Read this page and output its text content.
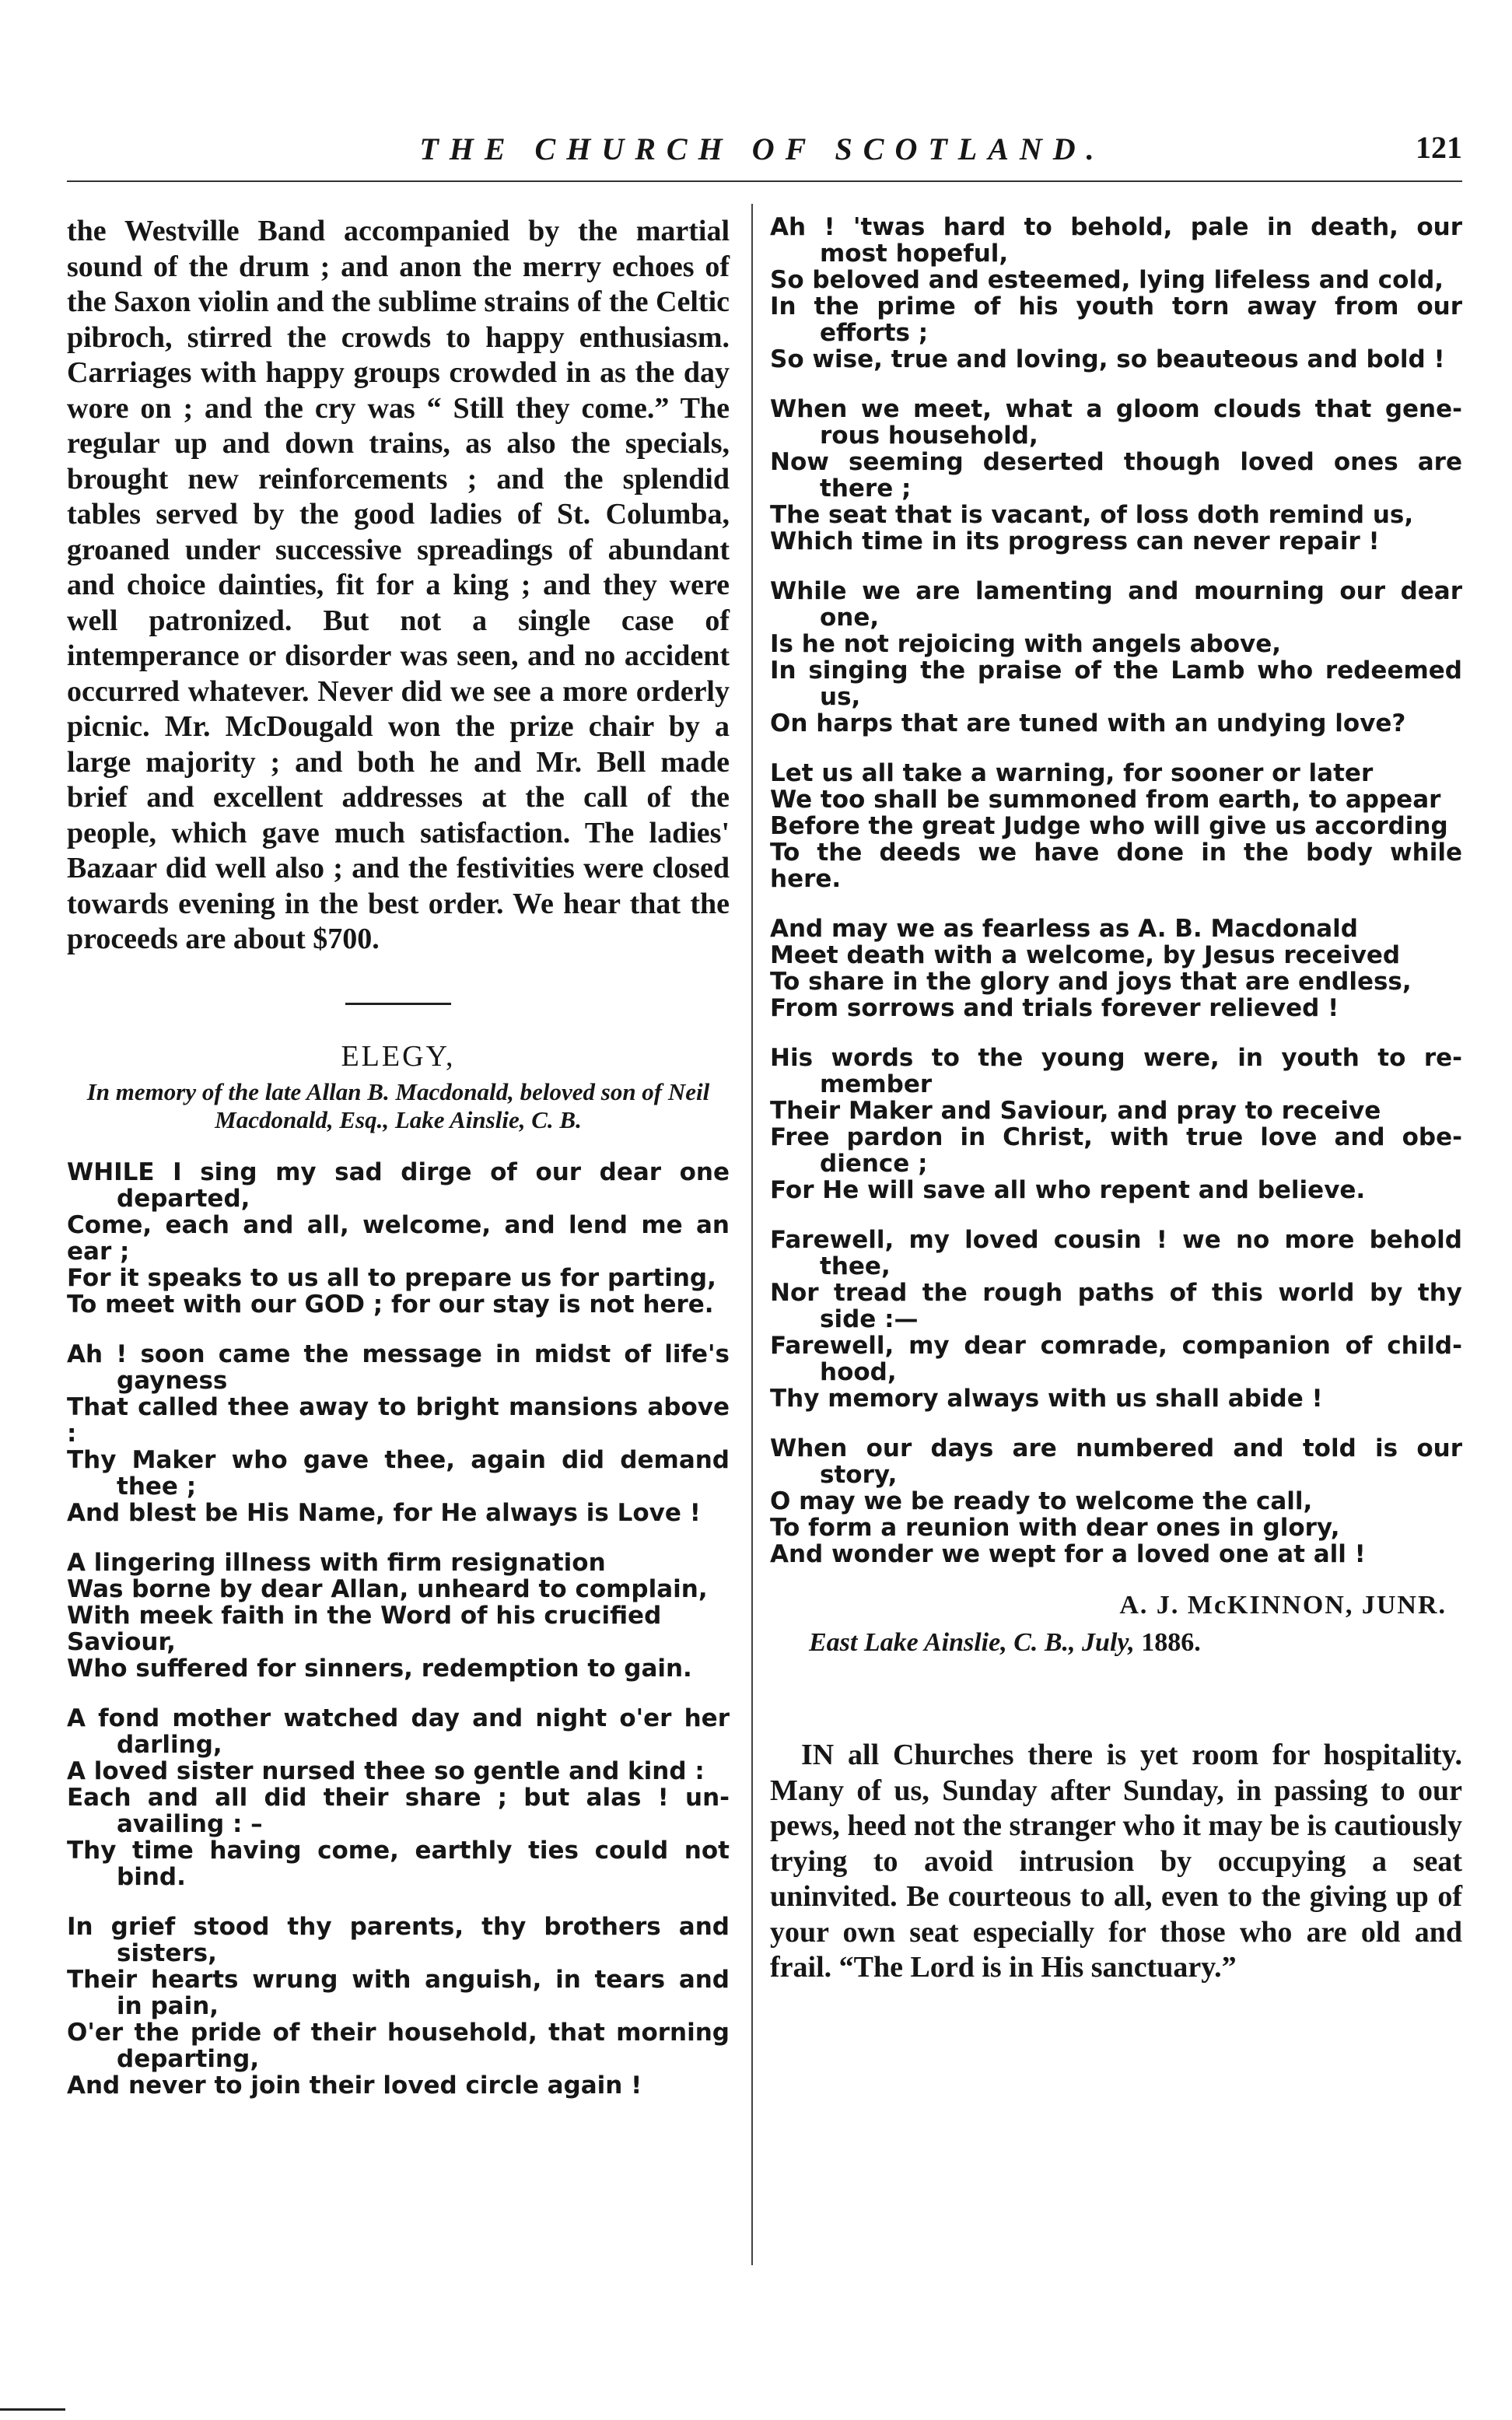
THE CHURCH OF SCOTLAND.	121

the Westville Band accompanied by the martial sound of the drum ; and anon the merry echoes of the Saxon violin and the sublime strains of the Celtic pibroch, stirred the crowds to happy enthusiasm. Carriages with happy groups crowded in as the day wore on ; and the cry was “ Still they come.” The regular up and down trains, as also the specials, brought new reinforcements ; and the splendid tables served by the good ladies of St. Columba, groaned under successive spreadings of abundant and choice dainties, fit for a king ; and they were well patronized. But not a single case of intemperance or disorder was seen, and no accident occurred whatever. Never did we see a more orderly picnic. Mr. McDougald won the prize chair by a large majority ; and both he and Mr. Bell made brief and excellent addresses at the call of the people, which gave much satisfaction. The ladies' Bazaar did well also ; and the festivities were closed towards evening in the best order. We hear that the proceeds are about $700.

ELEGY,
In memory of the late Allan B. Macdonald, beloved son of Neil Macdonald, Esq., Lake Ainslie, C. B.
WHILE I sing my sad dirge of our dear one
departed,
Come, each and all, welcome, and lend me an ear ;
For it speaks to us all to prepare us for parting,
To meet with our GOD ; for our stay is not here.
Ah ! soon came the message in midst of life's
gayness
That called thee away to bright mansions above :
Thy Maker who gave thee, again did demand
thee ;
And blest be His Name, for He always is Love !
A lingering illness with firm resignation
Was borne by dear Allan, unheard to complain,
With meek faith in the Word of his crucified
Saviour,
Who suffered for sinners, redemption to gain.
A fond mother watched day and night o'er her
darling,
A loved sister nursed thee so gentle and kind :
Each and all did their share ; but alas ! un-
availing : –
Thy time having come, earthly ties could not
bind.
In grief stood thy parents, thy brothers and
sisters,
Their hearts wrung with anguish, in tears and
in pain,
O'er the pride of their household, that morning
departing,
And never to join their loved circle again !
Ah ! 'twas hard to behold, pale in death, our
most hopeful,
So beloved and esteemed, lying lifeless and cold,
In the prime of his youth torn away from our
efforts ;
So wise, true and loving, so beauteous and bold !
When we meet, what a gloom clouds that gene-
rous household,
Now seeming deserted though loved ones are
there ;
The seat that is vacant, of loss doth remind us,
Which time in its progress can never repair !
While we are lamenting and mourning our dear
one,
Is he not rejoicing with angels above,
In singing the praise of the Lamb who redeemed
us,
On harps that are tuned with an undying love?
Let us all take a warning, for sooner or later
We too shall be summoned from earth, to appear
Before the great Judge who will give us according
To the deeds we have done in the body while here.
And may we as fearless as A. B. Macdonald
Meet death with a welcome, by Jesus received
To share in the glory and joys that are endless,
From sorrows and trials forever relieved !
His words to the young were, in youth to re-
member
Their Maker and Saviour, and pray to receive
Free pardon in Christ, with true love and obe-
dience ;
For He will save all who repent and believe.
Farewell, my loved cousin ! we no more behold
thee,
Nor tread the rough paths of this world by thy
side :—
Farewell, my dear comrade, companion of child-
hood,
Thy memory always with us shall abide !
When our days are numbered and told is our
story,
O may we be ready to welcome the call,
To form a reunion with dear ones in glory,
And wonder we wept for a loved one at all !
A. J. McKINNON, JUNR.
East Lake Ainslie, C. B., July, 1886.

IN all Churches there is yet room for hospitality. Many of us, Sunday after Sunday, in passing to our pews, heed not the stranger who it may be is cautiously trying to avoid intrusion by occupying a seat uninvited. Be courteous to all, even to the giving up of your own seat especially for those who are old and frail. “The Lord is in His sanctuary.”
